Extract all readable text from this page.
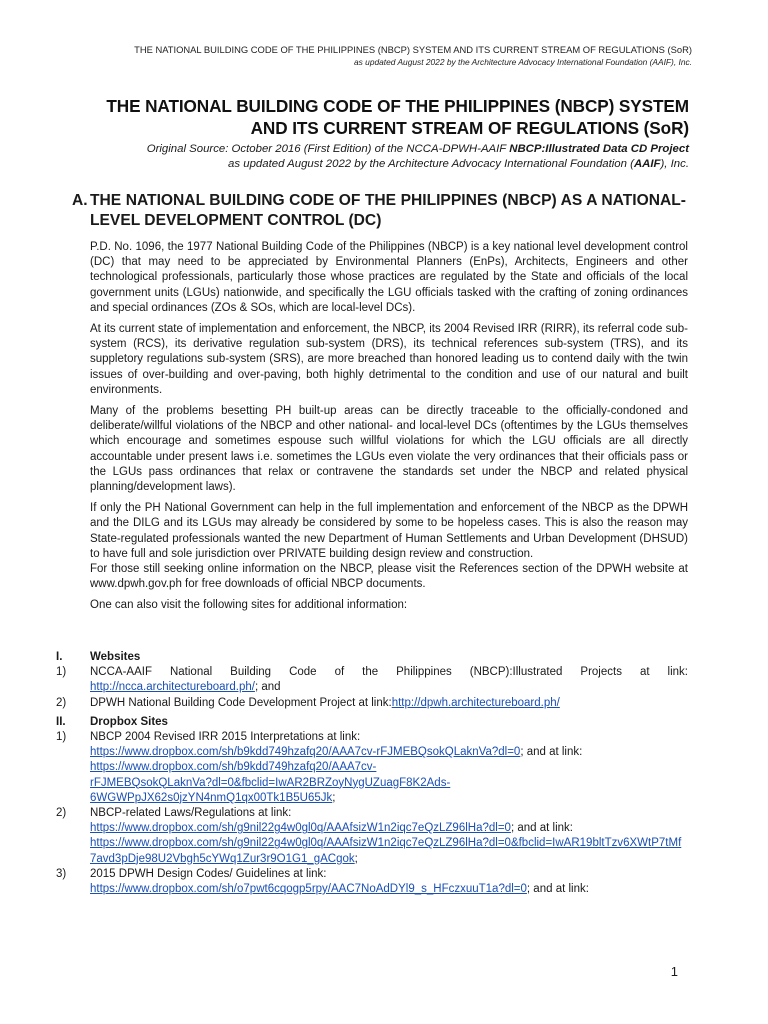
THE NATIONAL BUILDING CODE OF THE PHILIPPINES (NBCP) SYSTEM AND ITS CURRENT STREAM OF REGULATIONS (SoR)
as updated August 2022 by the Architecture Advocacy International Foundation (AAIF), Inc.
THE NATIONAL BUILDING CODE OF THE PHILIPPINES (NBCP) SYSTEM
AND ITS CURRENT STREAM OF REGULATIONS (SoR)
Original Source: October 2016 (First Edition) of the NCCA-DPWH-AAIF NBCP:Illustrated Data CD Project
as updated August 2022 by the Architecture Advocacy International Foundation (AAIF), Inc.
A. THE NATIONAL BUILDING CODE OF THE PHILIPPINES (NBCP) AS A NATIONAL-LEVEL DEVELOPMENT CONTROL (DC)

P.D. No. 1096, the 1977 National Building Code of the Philippines (NBCP) is a key national level development control (DC) that may need to be appreciated by Environmental Planners (EnPs), Architects, Engineers and other technological professionals, particularly those whose practices are regulated by the State and officials of the local government units (LGUs) nationwide, and specifically the LGU officials tasked with the crafting of zoning ordinances and special ordinances (ZOs & SOs, which are local-level DCs).

At its current state of implementation and enforcement, the NBCP, its 2004 Revised IRR (RIRR), its referral code sub-system (RCS), its derivative regulation sub-system (DRS), its technical references sub-system (TRS), and its suppletory regulations sub-system (SRS), are more breached than honored leading us to contend daily with the twin issues of over-building and over-paving, both highly detrimental to the condition and use of our natural and built environments.

Many of the problems besetting PH built-up areas can be directly traceable to the officially-condoned and deliberate/willful violations of the NBCP and other national- and local-level DCs (oftentimes by the LGUs themselves which encourage and sometimes espouse such willful violations for which the LGU officials are all directly accountable under present laws i.e. sometimes the LGUs even violate the very ordinances that their officials pass or the LGUs pass ordinances that relax or contravene the standards set under the NBCP and related physical planning/development laws).

If only the PH National Government can help in the full implementation and enforcement of the NBCP as the DPWH and the DILG and its LGUs may already be considered by some to be hopeless cases. This is also the reason may State-regulated professionals wanted the new Department of Human Settlements and Urban Development (DHSUD) to have full and sole jurisdiction over PRIVATE building design review and construction.

For those still seeking online information on the NBCP, please visit the References section of the DPWH website at www.dpwh.gov.ph for free downloads of official NBCP documents.

One can also visit the following sites for additional information:

I.	Websites
1)	NCCA-AAIF National Building Code of the Philippines (NBCP):Illustrated Projects at link:
http://ncca.architectureboard.ph/; and
2)	DPWH National Building Code Development Project at link:http://dpwh.architectureboard.ph/
II.	Dropbox Sites
1)	NBCP 2004 Revised IRR 2015 Interpretations at link:
https://www.dropbox.com/sh/b9kdd749hzafq20/AAA7cv-rFJMEBQsokQLaknVa?dl=0; and at link:
https://www.dropbox.com/sh/b9kdd749hzafq20/AAA7cv-
rFJMEBQsokQLaknVa?dl=0&fbclid=IwAR2BRZoyNygUZuagF8K2Ads-
6WGWPpJX62s0jzYN4nmQ1qx00Tk1B5U65Jk;
2)	NBCP-related Laws/Regulations at link:
https://www.dropbox.com/sh/g9nil22g4w0gl0q/AAAfsizW1n2iqc7eQzLZ96lHa?dl=0; and at link:
https://www.dropbox.com/sh/g9nil22g4w0gl0q/AAAfsizW1n2iqc7eQzLZ96lHa?dl=0&fbclid=IwAR19bltTzv6XWtP7tMf
7avd3pDje98U2Vbgh5cYWq1Zur3r9O1G1_gACgok;
3)	2015 DPWH Design Codes/ Guidelines at link:
https://www.dropbox.com/sh/o7pwt6cqogp5rpy/AAC7NoAdDYl9_s_HFczxuuT1a?dl=0; and at link:
1
